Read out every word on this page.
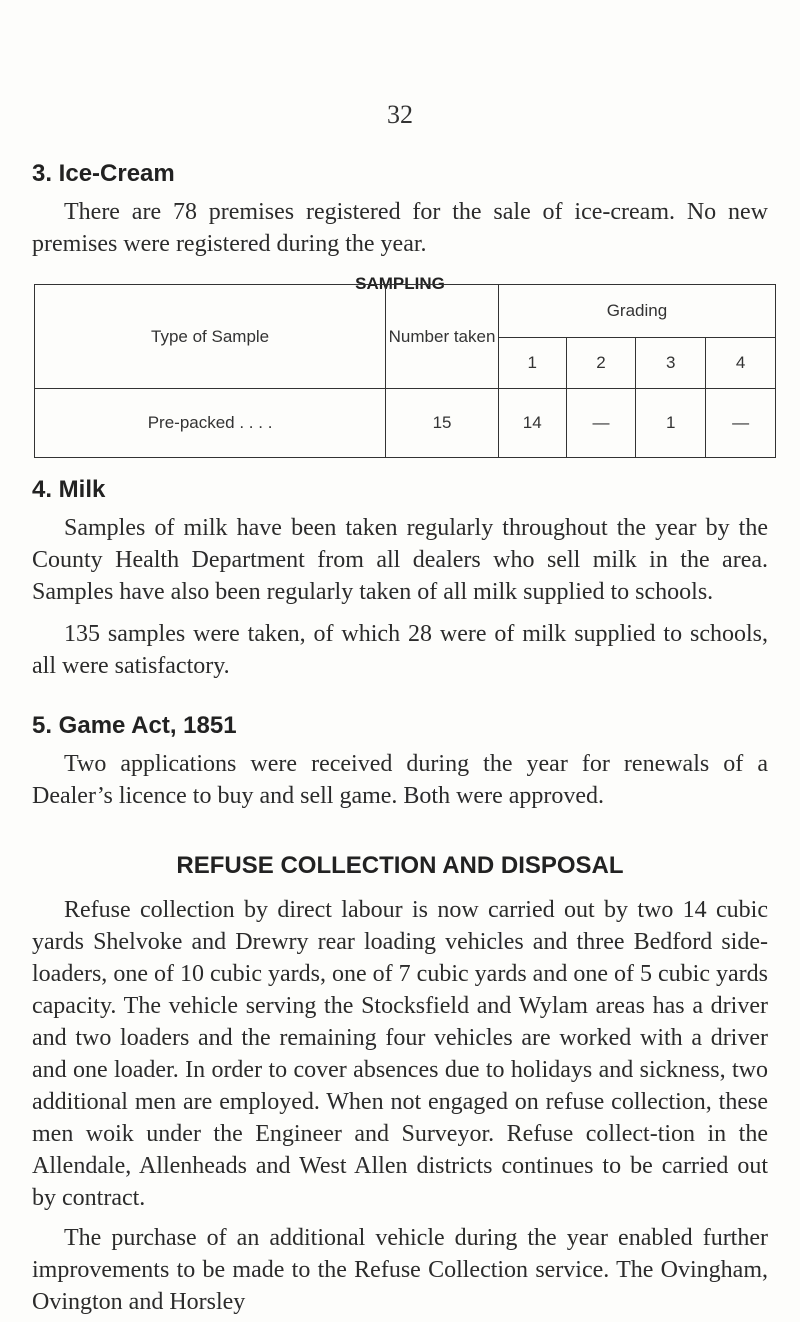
32
3. Ice-Cream

There are 78 premises registered for the sale of ice-cream. No new premises were registered during the year.

SAMPLING
Type of Sample	Number taken	Grading			
		1	2	3	4
Pre-packed . . . .	15	14	—	1	—
4. Milk

Samples of milk have been taken regularly throughout the year by the County Health Department from all dealers who sell milk in the area. Samples have also been regularly taken of all milk supplied to schools.

135 samples were taken, of which 28 were of milk supplied to schools, all were satisfactory.

5. Game Act, 1851

Two applications were received during the year for renewals of a Dealer’s licence to buy and sell game. Both were approved.

REFUSE COLLECTION AND DISPOSAL

Refuse collection by direct labour is now carried out by two 14 cubic yards Shelvoke and Drewry rear loading vehicles and three Bedford side-loaders, one of 10 cubic yards, one of 7 cubic yards and one of 5 cubic yards capacity. The vehicle serving the Stocksfield and Wylam areas has a driver and two loaders and the remaining four vehicles are worked with a driver and one loader. In order to cover absences due to holidays and sickness, two additional men are employed. When not engaged on refuse collection, these men woik under the Engineer and Surveyor. Refuse collect-tion in the Allendale, Allenheads and West Allen districts continues to be carried out by contract.

The purchase of an additional vehicle during the year enabled further improvements to be made to the Refuse Collection service. The Ovingham, Ovington and Horsley
